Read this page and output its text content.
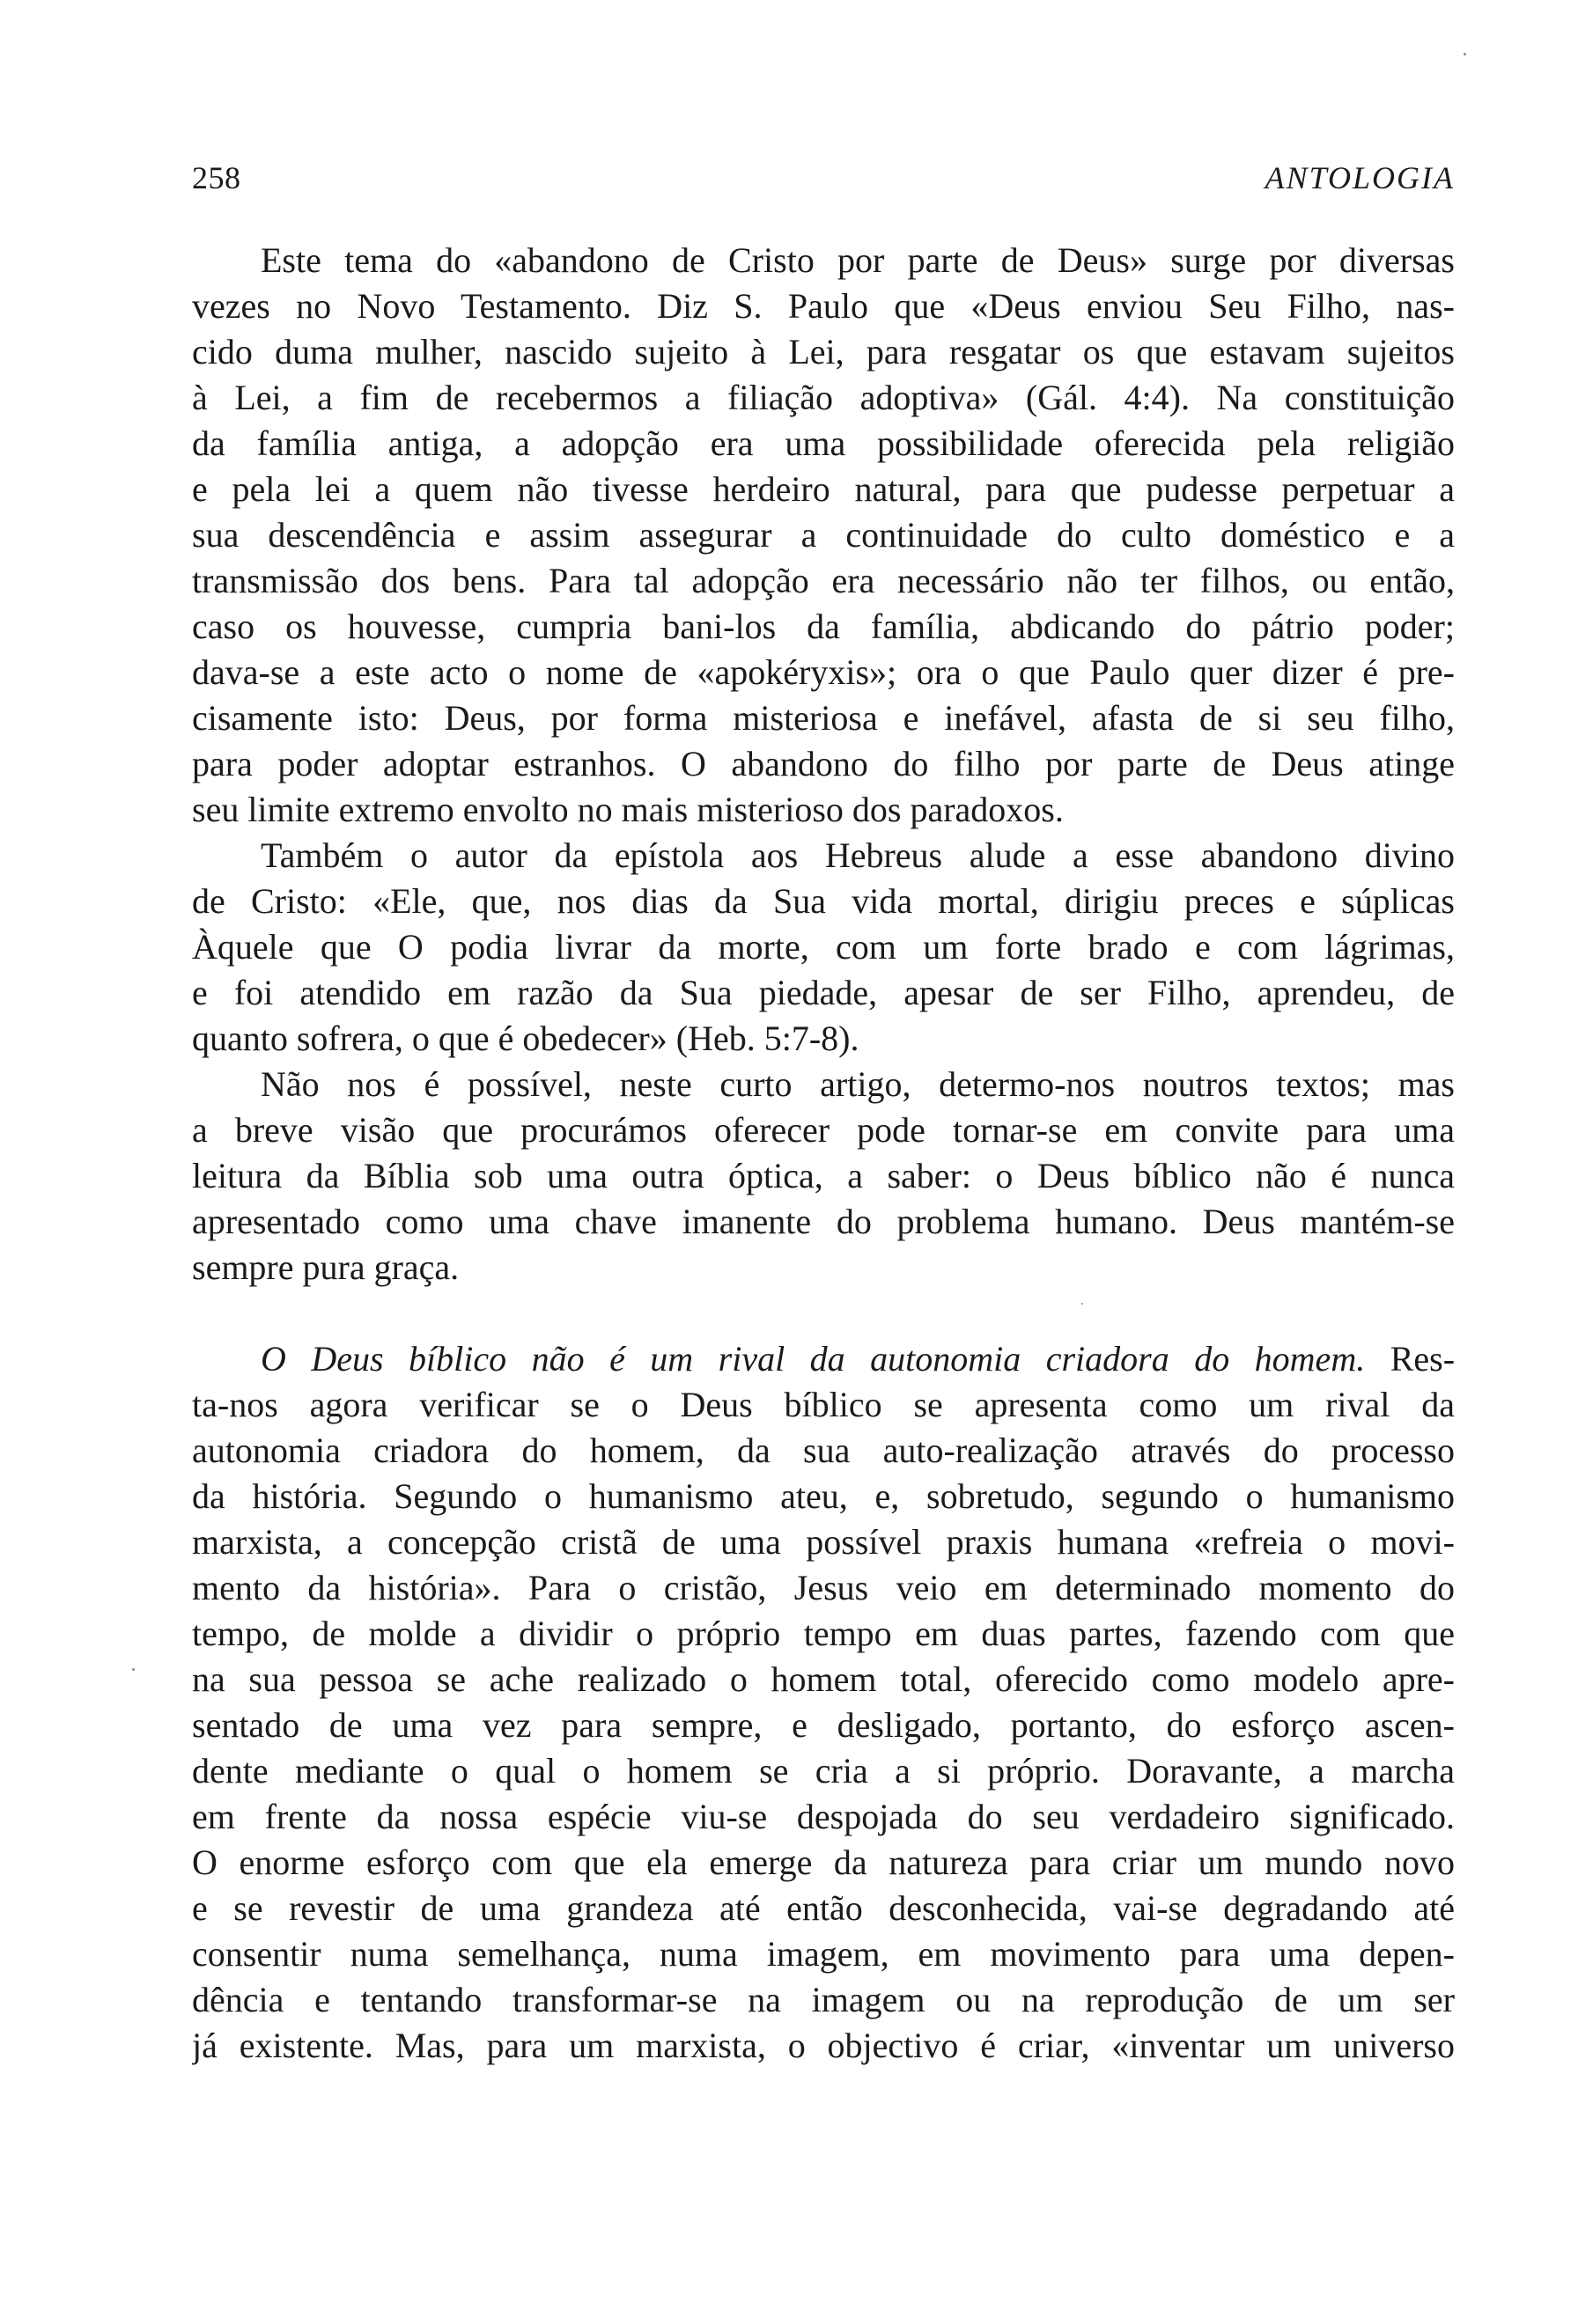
258	ANTOLOGIA
Este tema do «abandono de Cristo por parte de Deus» surge por diversas
vezes no Novo Testamento. Diz S. Paulo que «Deus enviou Seu Filho, nas-
cido duma mulher, nascido sujeito à Lei, para resgatar os que estavam sujeitos
à Lei, a fim de recebermos a filiação adoptiva» (Gál. 4:4). Na constituição
da família antiga, a adopção era uma possibilidade oferecida pela religião
e pela lei a quem não tivesse herdeiro natural, para que pudesse perpetuar a
sua descendência e assim assegurar a continuidade do culto doméstico e a
transmissão dos bens. Para tal adopção era necessário não ter filhos, ou então,
caso os houvesse, cumpria bani-los da família, abdicando do pátrio poder;
dava-se a este acto o nome de «apokéryxis»; ora o que Paulo quer dizer é pre-
cisamente isto: Deus, por forma misteriosa e inefável, afasta de si seu filho,
para poder adoptar estranhos. O abandono do filho por parte de Deus atinge
seu limite extremo envolto no mais misterioso dos paradoxos.
Também o autor da epístola aos Hebreus alude a esse abandono divino
de Cristo: «Ele, que, nos dias da Sua vida mortal, dirigiu preces e súplicas
Àquele que O podia livrar da morte, com um forte brado e com lágrimas,
e foi atendido em razão da Sua piedade, apesar de ser Filho, aprendeu, de
quanto sofrera, o que é obedecer» (Heb. 5:7-8).
Não nos é possível, neste curto artigo, determo-nos noutros textos; mas
a breve visão que procurámos oferecer pode tornar-se em convite para uma
leitura da Bíblia sob uma outra óptica, a saber: o Deus bíblico não é nunca
apresentado como uma chave imanente do problema humano. Deus mantém-se
sempre pura graça.
O Deus bíblico não é um rival da autonomia criadora do homem. Res-
ta-nos agora verificar se o Deus bíblico se apresenta como um rival da
autonomia criadora do homem, da sua auto-realização através do processo
da história. Segundo o humanismo ateu, e, sobretudo, segundo o humanismo
marxista, a concepção cristã de uma possível praxis humana «refreia o movi-
mento da história». Para o cristão, Jesus veio em determinado momento do
tempo, de molde a dividir o próprio tempo em duas partes, fazendo com que
na sua pessoa se ache realizado o homem total, oferecido como modelo apre-
sentado de uma vez para sempre, e desligado, portanto, do esforço ascen-
dente mediante o qual o homem se cria a si próprio. Doravante, a marcha
em frente da nossa espécie viu-se despojada do seu verdadeiro significado.
O enorme esforço com que ela emerge da natureza para criar um mundo novo
e se revestir de uma grandeza até então desconhecida, vai-se degradando até
consentir numa semelhança, numa imagem, em movimento para uma depen-
dência e tentando transformar-se na imagem ou na reprodução de um ser
já existente. Mas, para um marxista, o objectivo é criar, «inventar um universo
